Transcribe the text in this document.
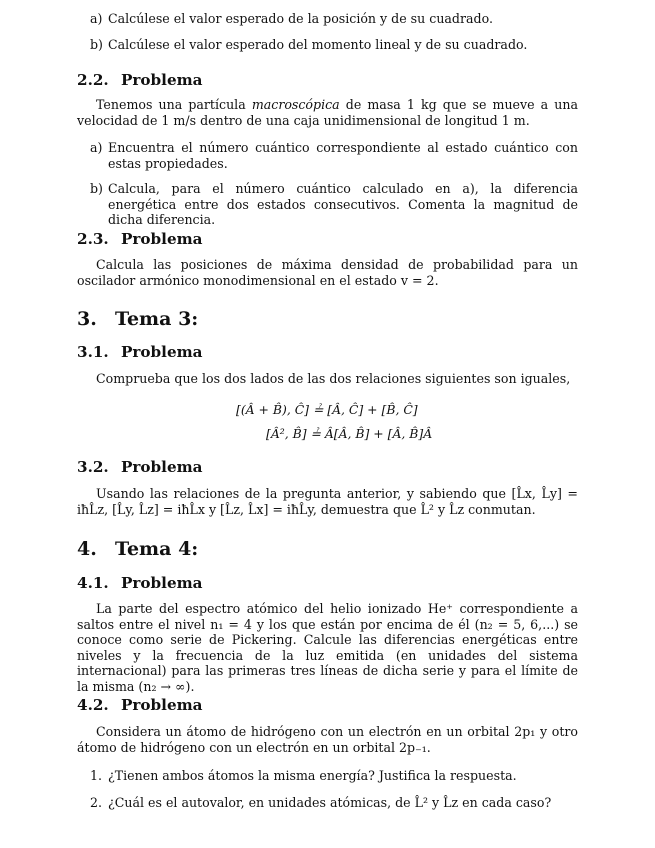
a) Calcúlese el valor esperado de la posición y de su cuadrado.
b) Calcúlese el valor esperado del momento lineal y de su cuadrado.
2.2. Problema

Tenemos una partícula macroscópica de masa 1 kg que se mueve a una velocidad de 1 m/s dentro de una caja unidimensional de longitud 1 m.

a) Encuentra el número cuántico correspondiente al estado cuántico con estas propiedades.
b) Calcula, para el número cuántico calculado en a), la diferencia energética entre dos estados consecutivos. Comenta la magnitud de dicha diferencia.
2.3. Problema

Calcula las posiciones de máxima densidad de probabilidad para un oscilador armónico monodimensional en el estado v = 2.

3. Tema 3:
3.1. Problema

Comprueba que los dos lados de las dos relaciones siguientes son iguales,

[(Â + B̂), Ĉ] ≟ [Â, Ĉ] + [B̂, Ĉ]
[Â², B̂] ≟ Â[Â, B̂] + [Â, B̂]Â
3.2. Problema

Usando las relaciones de la pregunta anterior, y sabiendo que [L̂x, L̂y] = iħL̂z, [L̂y, L̂z] = iħL̂x y [L̂z, L̂x] = iħL̂y, demuestra que L̂² y L̂z conmutan.

4. Tema 4:
4.1. Problema

La parte del espectro atómico del helio ionizado He⁺ correspondiente a saltos entre el nivel n₁ = 4 y los que están por encima de él (n₂ = 5, 6,...) se conoce como serie de Pickering. Calcule las diferencias energéticas entre niveles y la frecuencia de la luz emitida (en unidades del sistema internacional) para las primeras tres líneas de dicha serie y para el límite de la misma (n₂ → ∞).

4.2. Problema

Considera un átomo de hidrógeno con un electrón en un orbital 2p₁ y otro átomo de hidrógeno con un electrón en un orbital 2p₋₁.

1. ¿Tienen ambos átomos la misma energía? Justifica la respuesta.
2. ¿Cuál es el autovalor, en unidades atómicas, de L̂² y L̂z en cada caso?
